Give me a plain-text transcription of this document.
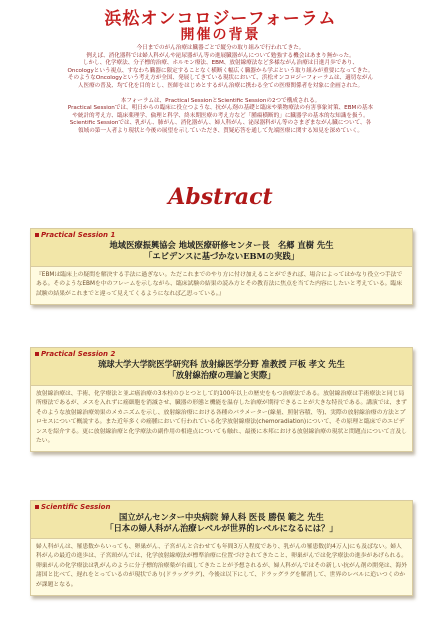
浜松オンコロジーフォーラム
開催の背景

今日までのがん治療は臓器ごとで縦分の取り組みで行われてきた。

例えば、消化器科では婦人科がんや泌尿器がん等の進展臓器がんについて勉強する機会はあまり無かった。

しかし、化学療法、分子標的治療、ホルモン療法、EBM、放射線療法など多様ながん治療は日進月歩であり、

Oncologyという視点、すなわち臓器に限定することなく横断く幅広く臓器から学ぶという取り組みが重要になってきた。

そのようなOncologyという考え方が全国、発展してきている現状において、浜松オンコロジーフォーラムは、適切ながん

人医療の普及、均て化を目的とし、医師をはじめとするがん治療に携わる全ての医療関係者を対象に企画された。

本フォーラムは、Practical SessionとScientific Sessionの2つで構成される。

Practical Sessionでは、明日からの臨床に役立つような、抗がん剤の基礎と臨床や薬物療法の有害事象対策、EBMの基本

や統計的考え方、臨床薬理学、倫理と科学、終末期医療の考え方など「腫瘍横断的」に臓器学の基本的な知識を扱う。

Scientific Sessionでは、乳がん、肺がん、消化器がん、婦人科がん、泌尿器科がん等のさまざまながん臓について、各

領域の第一人者より現状と今後の展望を示していただき、質疑応答を通して先端医療に関する知見を深めていく。

Abstract
Practical Session 1
地域医療振興協会 地域医療研修センター長　名郷 直樹 先生
「エビデンスに基づかないEBMの実践」
『EBMは臨床上の疑問を解決する手法に過ぎない。ただこれまでのやり方に付け加えることができれば、場合によってはかなり役立つ手法である。そのようなEBMを中のフレームを示しながら、臨床試験の結果の読み方とその教育法に焦点を当てた内容にしたいと考えている。臨床試験の結果がこれまでと違って見えてくるようになれば乙思っている。』
Practical Session 2
琉球大学大学院医学研究科 放射線医学分野 准教授 戸板 孝文 先生
「放射線治療の理論と実際」
放射線治療は、手術、化学療法と並ぶ癌治療の3本柱のひとつとして約100年以上の歴史をもつ治療法である。放射線治療は手術療法と同じ局所療法であるが、メスを入れずに癌細胞を消滅させ、臓器の形態と機能を温存した治療が期待できることが大きな特長である。講演では、まずそのような放射線治療効果のメカニズムを示し、放射線治療における各種のパラメーター(線量、照射容積、等)、実際の放射線治療の方法とプロセスについて概説する。また近年多くの癌腫において行われている化学放射線療法(chemoradiation)について、その原理と臨床でのエビデンスを紹介する。更に放射線治療と化学療法の副作用の相違点についても触れ、最後に本邦における放射線治療の現状と問題点について言及したい。
Scientific Session
国立がんセンター中央病院 婦人科 医長 勝俣 範之 先生
「日本の婦人科がん治療レベルが世界的レベルになるには？」
婦人科がんは、罹患数からいっても、卵巣がん、子宮がんと合わせても年間3万人程度であり、乳がんの罹患数(約4万人)にも及ばない。婦人科がんの最近の進歩は、子宮頸がんでは、化学放射線療法が標準治療に位置づけされてきたこと、卵巣がんでは化学療法の進歩があげられる。卵巣がんの化学療法は乳がんのように分子標的治療薬が台頭してきたことが予想されるが、婦人科がんではその新しい抗がん剤の開発は、海外諸国と比べて、遅れをとっているのが現状であり(ドラッグラグ)、今後は以下にして、ドラッグラグを解消して、世界のレベルに追いつくのかが課題となる。
